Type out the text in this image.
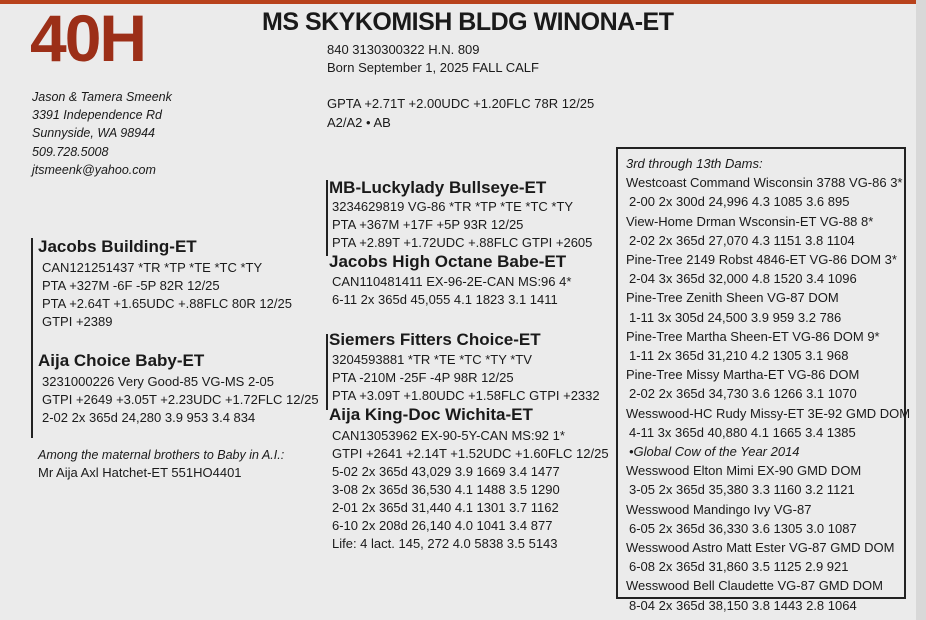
40H	MS SKYKOMISH BLDG WINONA-ET
840 3130300322 H.N. 809
Born September 1, 2025 FALL CALF
GPTA +2.71T +2.00UDC +1.20FLC 78R 12/25
A2/A2 • AB
Jason & Tamera Smeenk
3391 Independence Rd
Sunnyside, WA 98944
509.728.5008
jtsmeenk@yahoo.com
Jacobs Building-ET
CAN121251437 *TR *TP *TE *TC *TY
PTA +327M -6F -5P 82R 12/25
PTA +2.64T +1.65UDC +.88FLC 80R 12/25
GTPI +2389
Aija Choice Baby-ET
3231000226 Very Good-85 VG-MS 2-05
GTPI +2649 +3.05T +2.23UDC +1.72FLC 12/25
2-02 2x 365d 24,280 3.9 953 3.4 834
Among the maternal brothers to Baby in A.I.:
Mr Aija Axl Hatchet-ET 551HO4401
MB-Luckylady Bullseye-ET
3234629819 VG-86 *TR *TP *TE *TC *TY
PTA +367M +17F +5P 93R 12/25
PTA +2.89T +1.72UDC +.88FLC GTPI +2605
Jacobs High Octane Babe-ET
CAN110481411 EX-96-2E-CAN MS:96 4*
6-11 2x 365d 45,055 4.1 1823 3.1 1411
Siemers Fitters Choice-ET
3204593881 *TR *TE *TC *TY *TV
PTA -210M -25F -4P 98R 12/25
PTA +3.09T +1.80UDC +1.58FLC GTPI +2332
Aija King-Doc Wichita-ET
CAN13053962 EX-90-5Y-CAN MS:92 1*
GTPI +2641 +2.14T +1.52UDC +1.60FLC 12/25
5-02 2x 365d 43,029 3.9 1669 3.4 1477
3-08 2x 365d 36,530 4.1 1488 3.5 1290
2-01 2x 365d 31,440 4.1 1301 3.7 1162
6-10 2x 208d 26,140 4.0 1041 3.4 877
Life: 4 lact. 145, 272 4.0 5838 3.5 5143
3rd through 13th Dams:
Westcoast Command Wisconsin 3788 VG-86 3*
2-00 2x 300d 24,996 4.3 1085 3.6 895
View-Home Drman Wsconsin-ET VG-88 8*
2-02 2x 365d 27,070 4.3 1151 3.8 1104
Pine-Tree 2149 Robst 4846-ET VG-86 DOM 3*
2-04 3x 365d 32,000 4.8 1520 3.4 1096
Pine-Tree Zenith Sheen VG-87 DOM
1-11 3x 305d 24,500 3.9 959 3.2 786
Pine-Tree Martha Sheen-ET VG-86 DOM 9*
1-11 2x 365d 31,210 4.2 1305 3.1 968
Pine-Tree Missy Martha-ET VG-86 DOM
2-02 2x 365d 34,730 3.6 1266 3.1 1070
Wesswood-HC Rudy Missy-ET 3E-92 GMD DOM
4-11 3x 365d 40,880 4.1 1665 3.4 1385
•Global Cow of the Year 2014
Wesswood Elton Mimi EX-90 GMD DOM
3-05 2x 365d 35,380 3.3 1160 3.2 1121
Wesswood Mandingo Ivy VG-87
6-05 2x 365d 36,330 3.6 1305 3.0 1087
Wesswood Astro Matt Ester VG-87 GMD DOM
6-08 2x 365d 31,860 3.5 1125 2.9 921
Wesswood Bell Claudette VG-87 GMD DOM
8-04 2x 365d 38,150 3.8 1443 2.8 1064
